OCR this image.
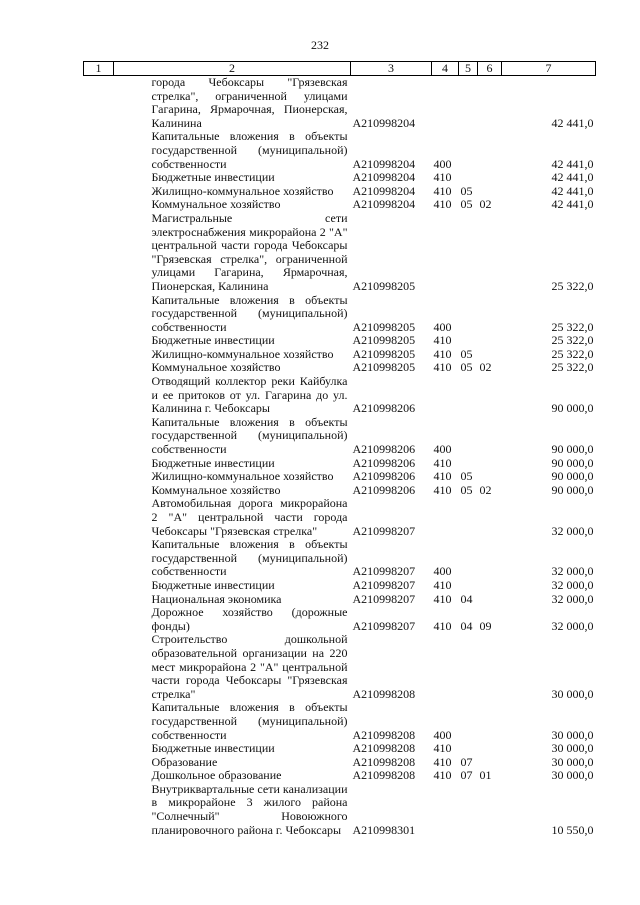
232
1	2	3	4	5	6	7
	города Чебоксары "Грязевская стрелка", ограниченной улицами Гагарина, Ярмарочная, Пионерская, Калинина	А210998204				42 441,0
	Капитальные вложения в объекты государственной (муниципальной) собственности	А210998204	400			42 441,0
	Бюджетные инвестиции	А210998204	410			42 441,0
	Жилищно-коммунальное хозяйство	А210998204	410	05		42 441,0
	Коммунальное хозяйство	А210998204	410	05	02	42 441,0
	Магистральные сети электроснабжения микрорайона 2 "А" центральной части города Чебоксары "Грязевская стрелка", ограниченной улицами Гагарина, Ярмарочная, Пионерская, Калинина	А210998205				25 322,0
	Капитальные вложения в объекты государственной (муниципальной) собственности	А210998205	400			25 322,0
	Бюджетные инвестиции	А210998205	410			25 322,0
	Жилищно-коммунальное хозяйство	А210998205	410	05		25 322,0
	Коммунальное хозяйство	А210998205	410	05	02	25 322,0
	Отводящий коллектор реки Кайбулка и ее притоков от ул. Гагарина до ул. Калинина г. Чебоксары	А210998206				90 000,0
	Капитальные вложения в объекты государственной (муниципальной) собственности	А210998206	400			90 000,0
	Бюджетные инвестиции	А210998206	410			90 000,0
	Жилищно-коммунальное хозяйство	А210998206	410	05		90 000,0
	Коммунальное хозяйство	А210998206	410	05	02	90 000,0
	Автомобильная дорога микрорайона 2 "А" центральной части города Чебоксары "Грязевская стрелка"	А210998207				32 000,0
	Капитальные вложения в объекты государственной (муниципальной) собственности	А210998207	400			32 000,0
	Бюджетные инвестиции	А210998207	410			32 000,0
	Национальная экономика	А210998207	410	04		32 000,0
	Дорожное хозяйство (дорожные фонды)	А210998207	410	04	09	32 000,0
	Строительство дошкольной образовательной организации на 220 мест микрорайона 2 "А" центральной части города Чебоксары "Грязевская стрелка"	А210998208				30 000,0
	Капитальные вложения в объекты государственной (муниципальной) собственности	А210998208	400			30 000,0
	Бюджетные инвестиции	А210998208	410			30 000,0
	Образование	А210998208	410	07		30 000,0
	Дошкольное образование	А210998208	410	07	01	30 000,0
	Внутриквартальные сети канализации в микрорайоне 3 жилого района "Солнечный" Новоюжного планировочного района г. Чебоксары	А210998301				10 550,0
